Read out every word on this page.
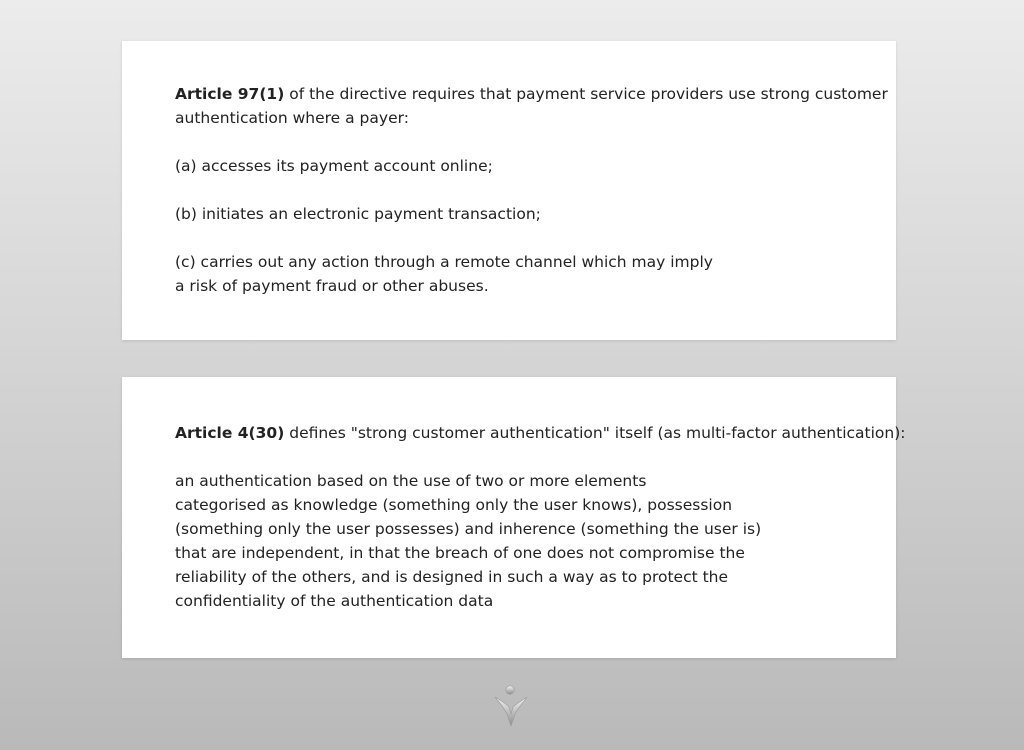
Article 97(1) of the directive requires that payment service providers use strong customer
authentication where a payer:
(a) accesses its payment account online;
(b) initiates an electronic payment transaction;
(c) carries out any action through a remote channel which may imply
a risk of payment fraud or other abuses.
Article 4(30) defines "strong customer authentication" itself (as multi-factor authentication):
an authentication based on the use of two or more elements
categorised as knowledge (something only the user knows), possession
(something only the user possesses) and inherence (something the user is)
that are independent, in that the breach of one does not compromise the
reliability of the others, and is designed in such a way as to protect the
confidentiality of the authentication data
